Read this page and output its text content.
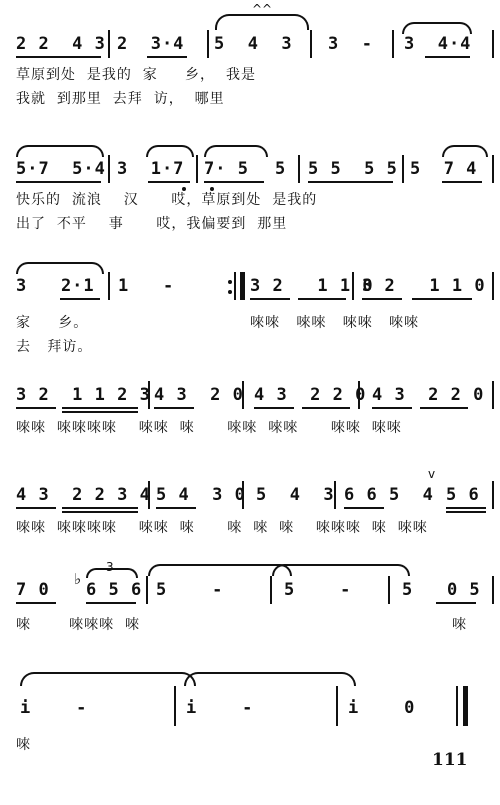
2 2  4 3 2  3·4 5  4  3 3  - 3  4·4
^^
草原到处  是我的  家     乡，  我是
我就  到那里  去拜  访，  哪里
5·7  5·4 3  1·7 7· 5 5 5 5  5 5 5  7 4
快乐的  流浪    汉      哎，草原到处  是我的
出了  不平    事      哎，我偏要到  那里
3   2·1 1   -	3 2   1 1 0
3 2   1 1 0
家     乡。
去   拜访。
唻唻   唻唻   唻唻   唻唻
3 2  1 1 2 3 4 3  2 0 4 3  2 2 0 4 3  2 2 0
唻唻  唻唻唻唻    唻唻  唻      唻唻  唻唻      唻唻  唻唻
4 3  2 2 3 4 5 4  3 0 5  4  3 6 6 5  4 5 6
v
唻唻  唻唻唻唻    唻唻  唻      唻  唻  唻    唻唻唻  唻  唻唻
7 0 6 5 6 5    -	5    -	5   0 5
♭
3
唻       唻唻唻  唻	唻
i    -	i    -	i    0
唻
111
